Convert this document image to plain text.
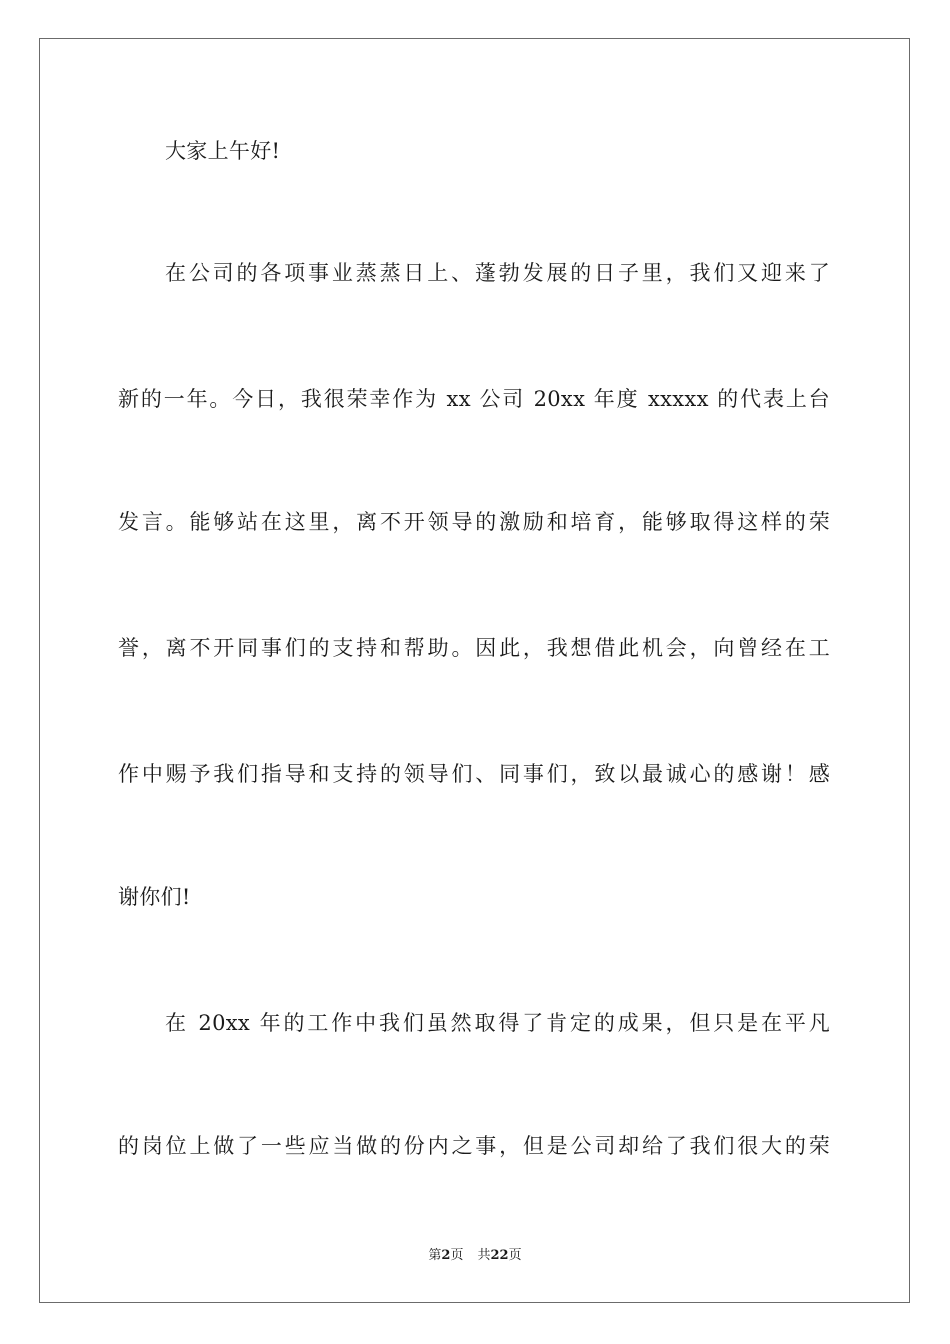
大家上午好!
在公司的各项事业蒸蒸日上、蓬勃发展的日子里，我们又迎来了
新的一年。今日，我很荣幸作为 xx 公司 20xx 年度 xxxxx 的代表上台
发言。能够站在这里，离不开领导的激励和培育，能够取得这样的荣
誉，离不开同事们的支持和帮助。因此，我想借此机会，向曾经在工
作中赐予我们指导和支持的领导们、同事们，致以最诚心的感谢！感
谢你们!
在 20xx 年的工作中我们虽然取得了肯定的成果，但只是在平凡
的岗位上做了一些应当做的份内之事，但是公司却给了我们很大的荣
第2页 共22页
